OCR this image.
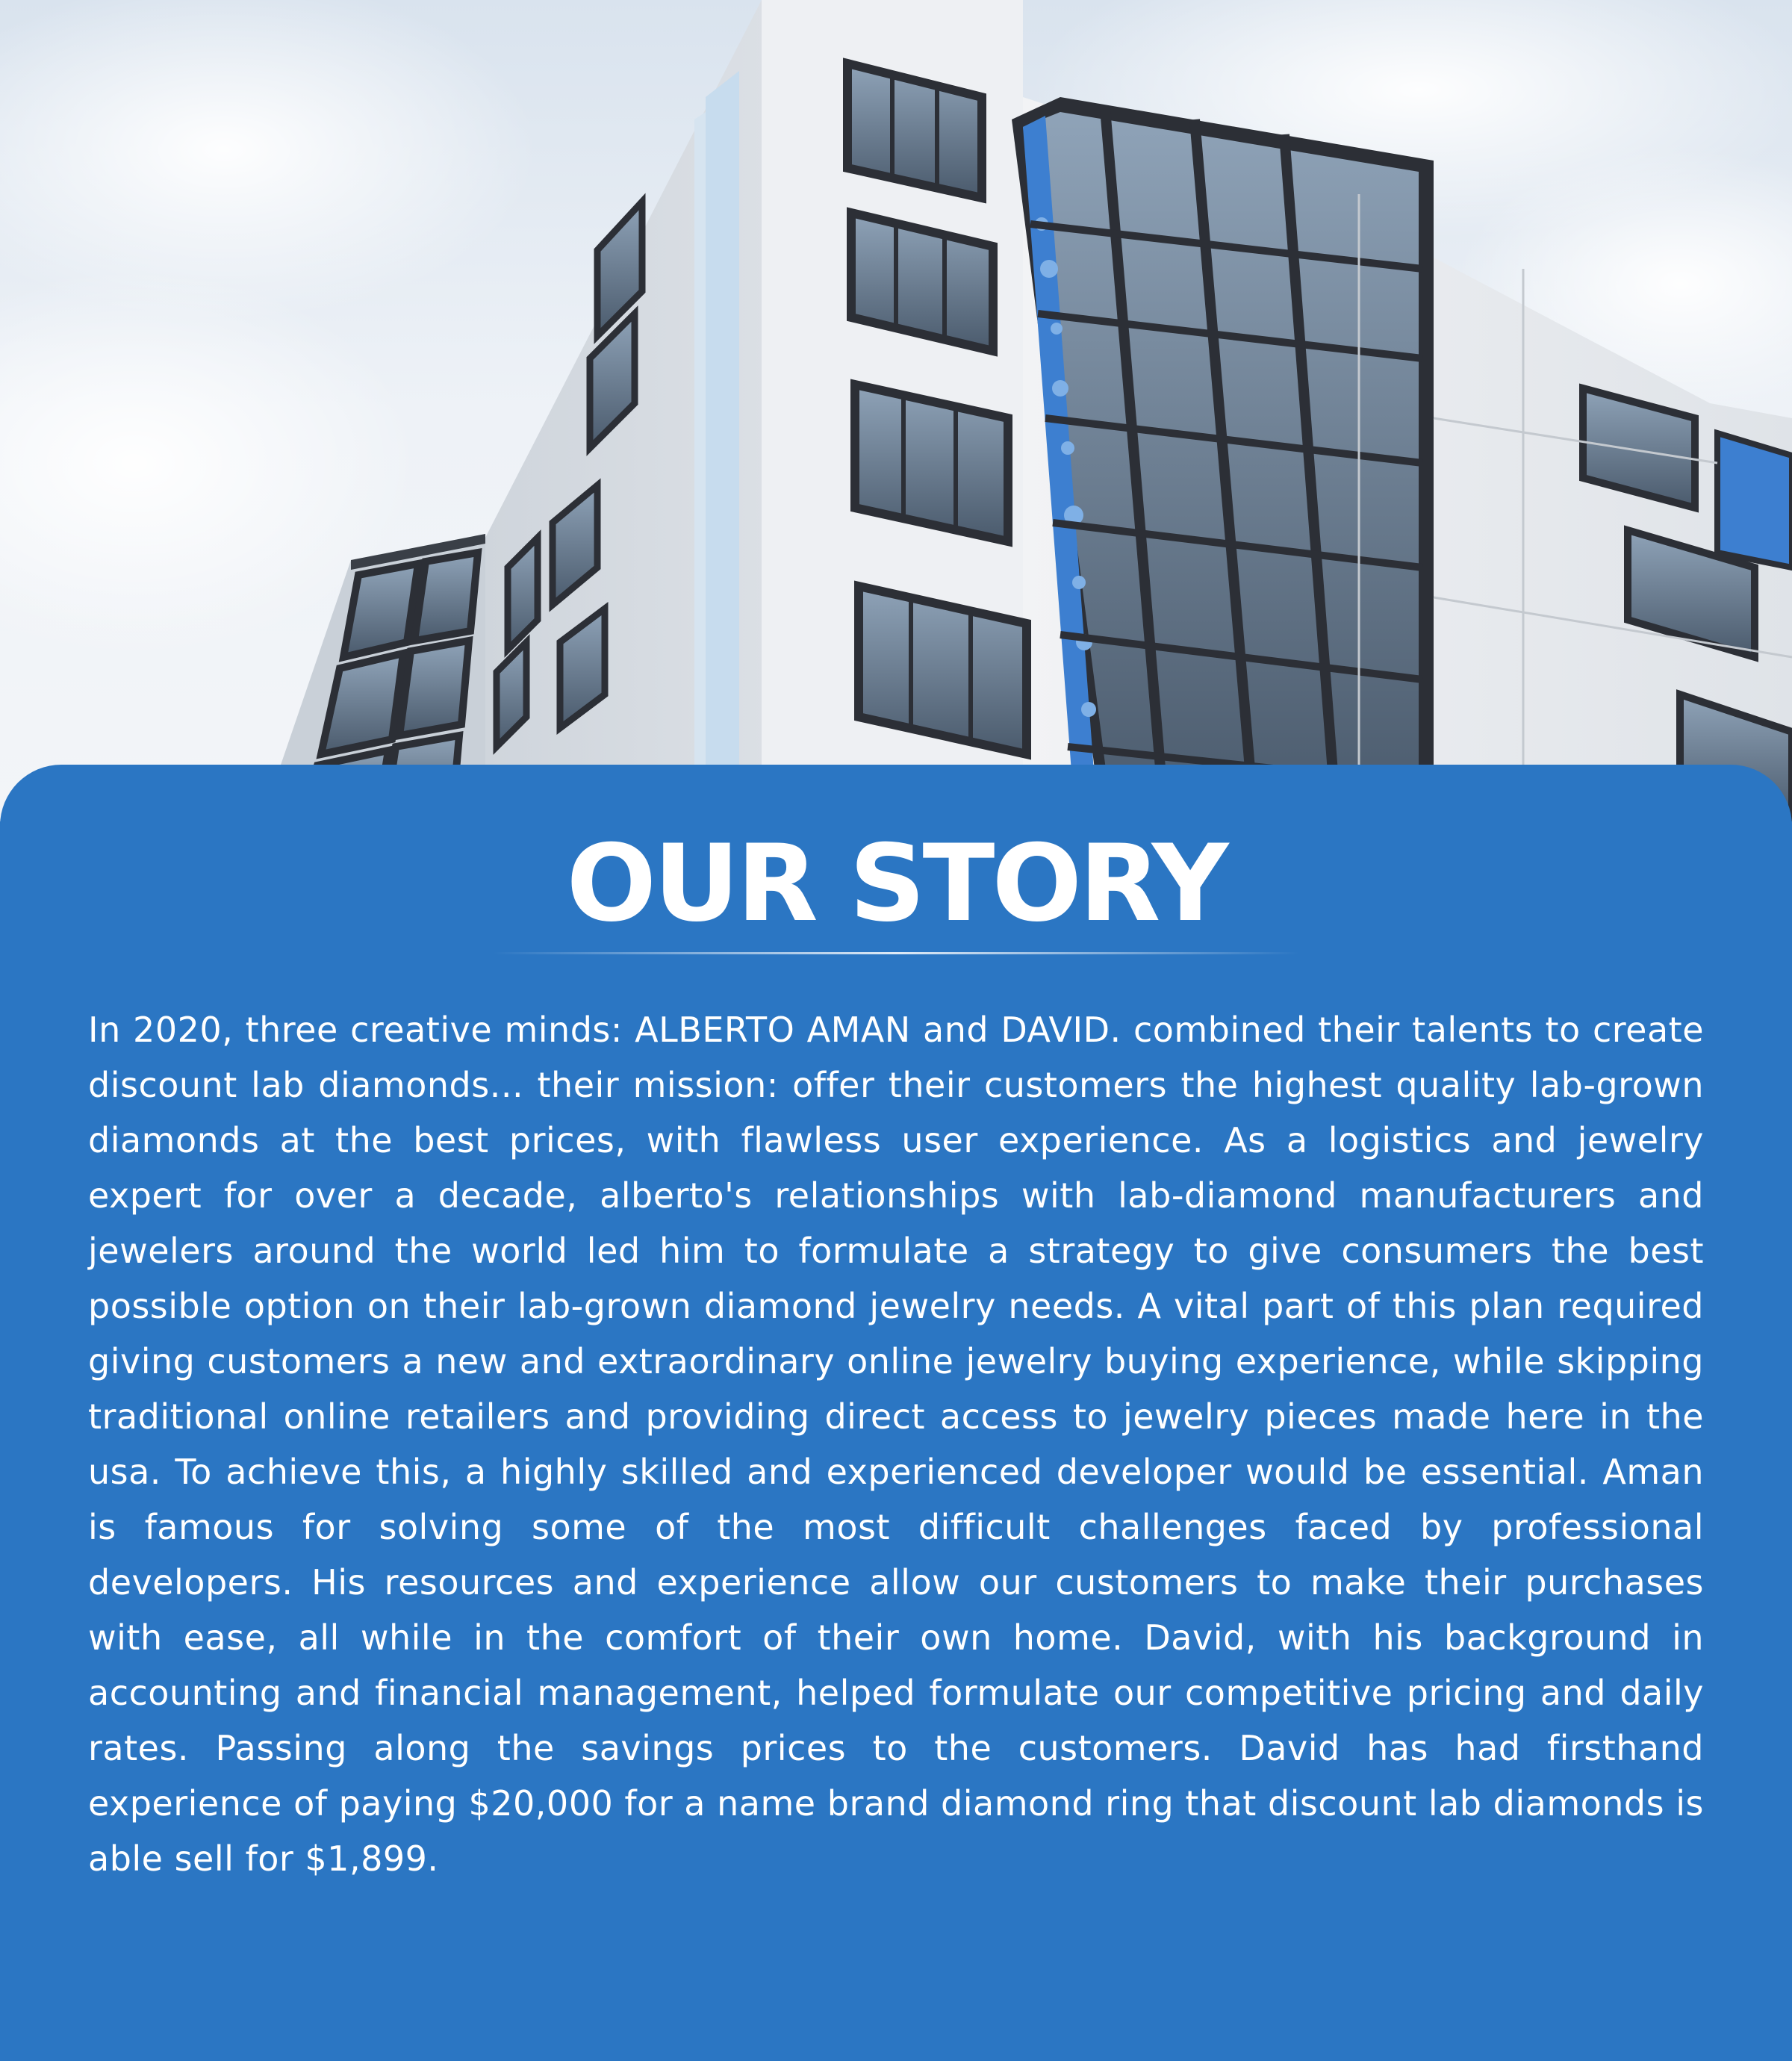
OUR STORY

In 2020, three creative minds: ALBERTO AMAN and DAVID. combined their talents to create discount lab diamonds... their mission: offer their customers the highest quality lab-grown diamonds at the best prices, with flawless user experience. As a logistics and jewelry expert for over a decade, alberto's relationships with lab-diamond manufacturers and jewelers around the world led him to formulate a strategy to give consumers the best possible option on their lab-grown diamond jewelry needs. A vital part of this plan required giving customers a new and extraordinary online jewelry buying experience, while skipping traditional online retailers and providing direct access to jewelry pieces made here in the usa. To achieve this, a highly skilled and experienced developer would be essential. Aman is famous for solving some of the most difficult challenges faced by professional developers. His resources and experience allow our customers to make their purchases with ease, all while in the comfort of their own home. David, with his background in accounting and financial management, helped formulate our competitive pricing and daily rates. Passing along the savings prices to the customers. David has had firsthand experience of paying $20,000 for a name brand diamond ring that discount lab diamonds is able sell for $1,899.
